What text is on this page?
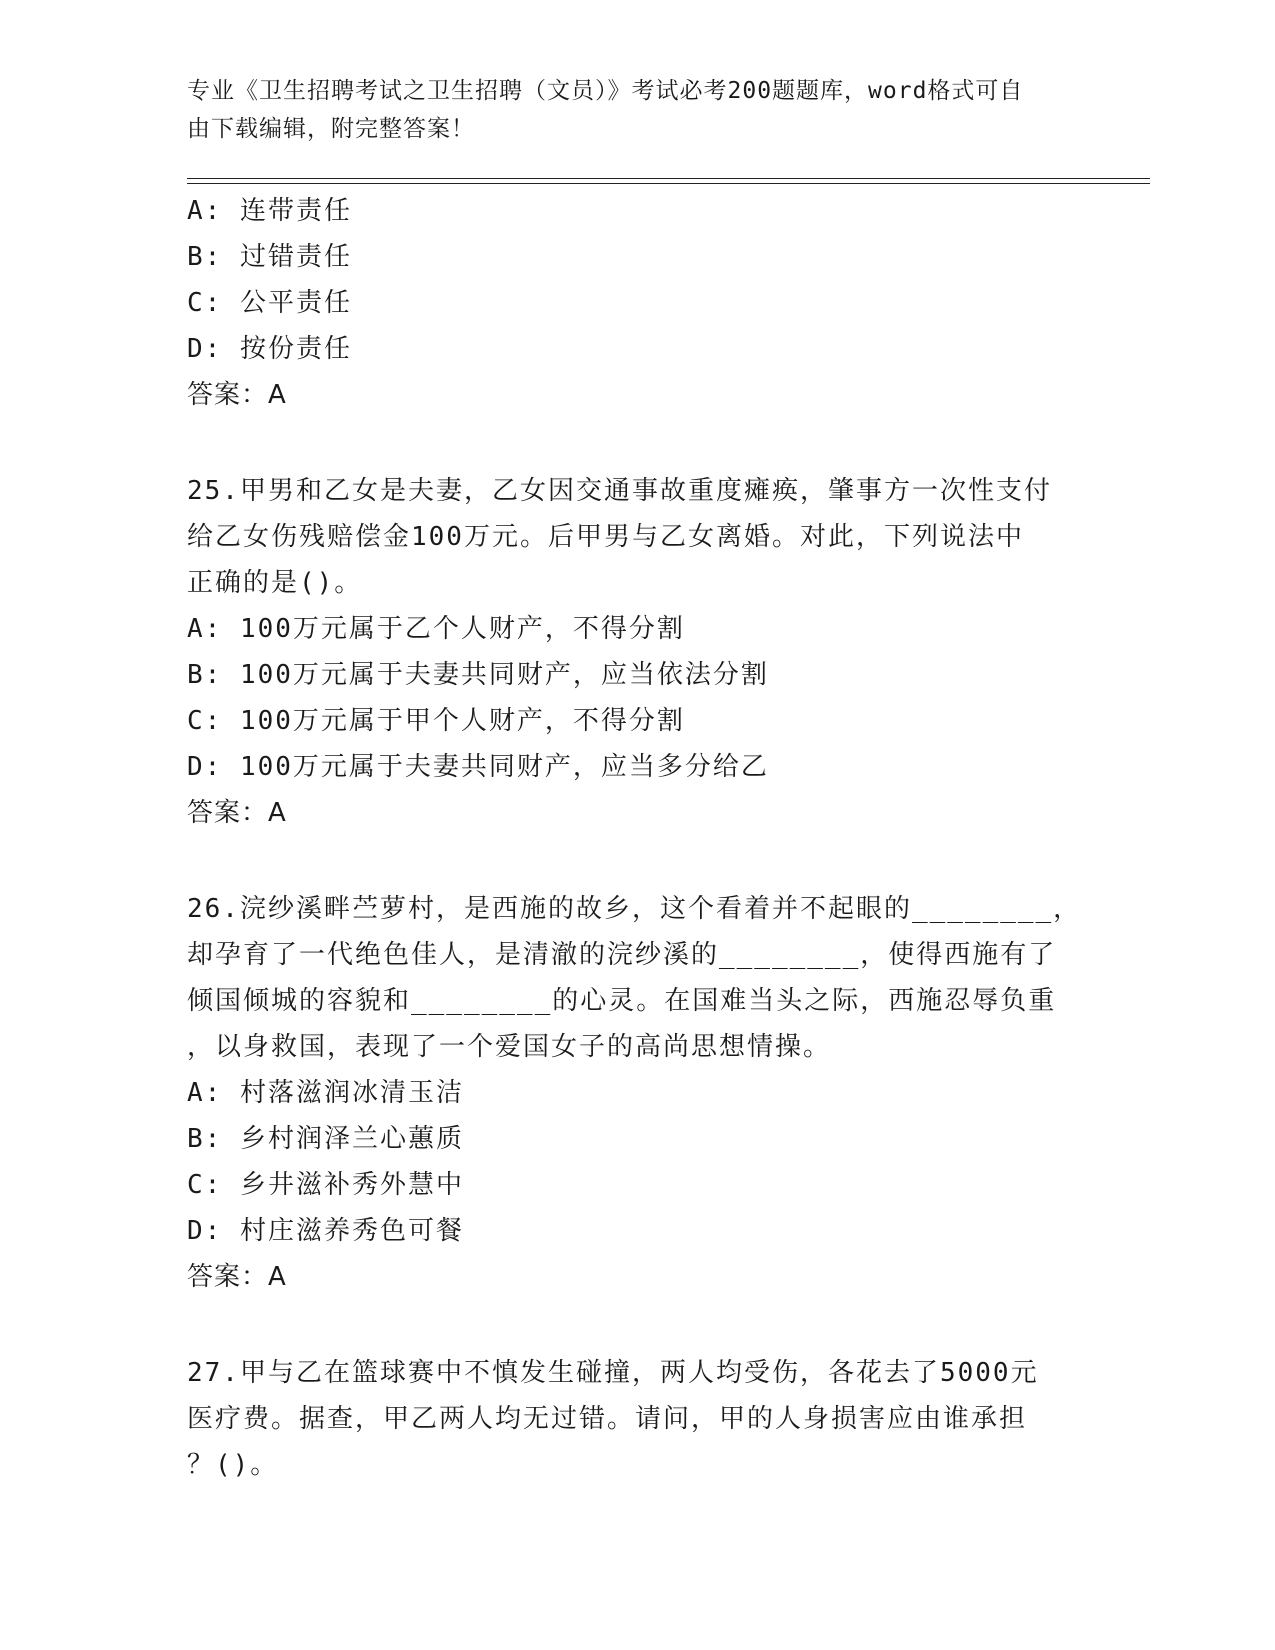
专业《卫生招聘考试之卫生招聘（文员）》考试必考200题题库，word格式可自
由下载编辑，附完整答案！
A: 连带责任
B: 过错责任
C: 公平责任
D: 按份责任
答案：A
25.甲男和乙女是夫妻，乙女因交通事故重度瘫痪，肇事方一次性支付
给乙女伤残赔偿金100万元。后甲男与乙女离婚。对此，下列说法中
正确的是()。
A: 100万元属于乙个人财产，不得分割
B: 100万元属于夫妻共同财产，应当依法分割
C: 100万元属于甲个人财产，不得分割
D: 100万元属于夫妻共同财产，应当多分给乙
答案：A
26.浣纱溪畔苎萝村，是西施的故乡，这个看着并不起眼的________，
却孕育了一代绝色佳人，是清澈的浣纱溪的________，使得西施有了
倾国倾城的容貌和________的心灵。在国难当头之际，西施忍辱负重
，以身救国，表现了一个爱国女子的高尚思想情操。
A: 村落滋润冰清玉洁
B: 乡村润泽兰心蕙质
C: 乡井滋补秀外慧中
D: 村庄滋养秀色可餐
答案：A
27.甲与乙在篮球赛中不慎发生碰撞，两人均受伤，各花去了5000元
医疗费。据查，甲乙两人均无过错。请问，甲的人身损害应由谁承担
？()。
